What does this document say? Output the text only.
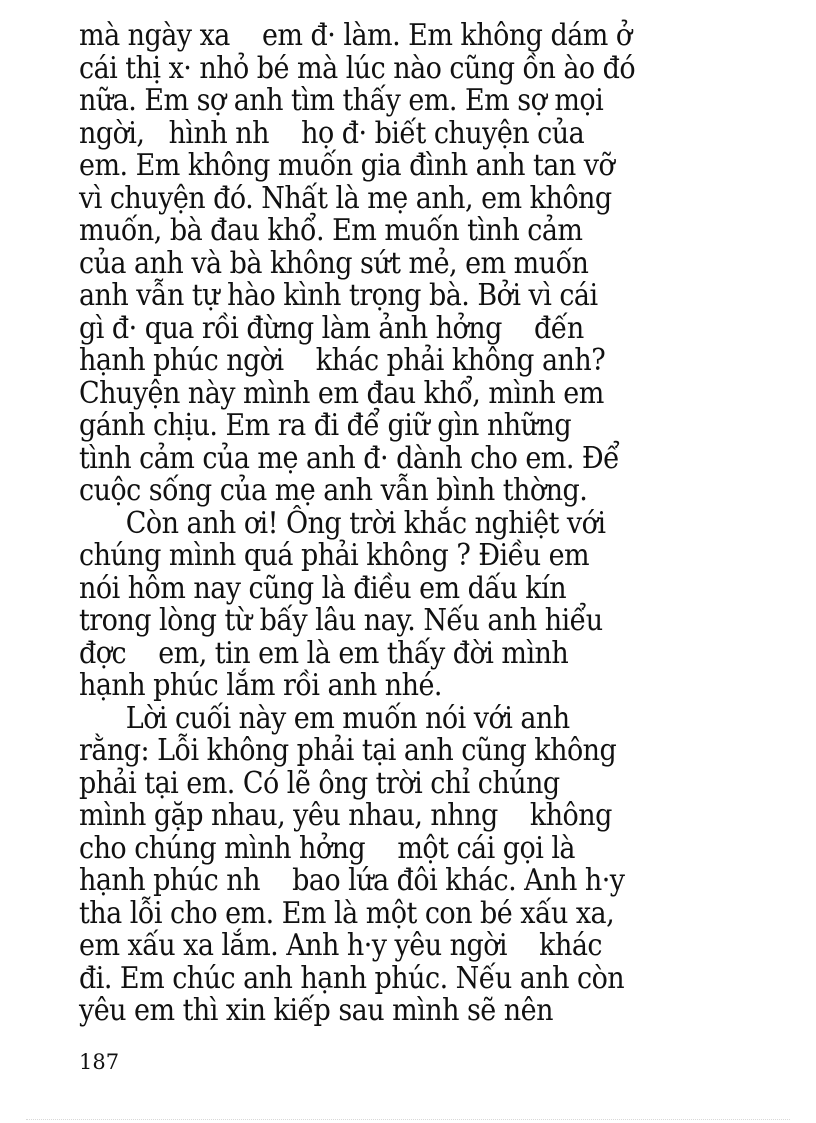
mà ngày xa    em đ· làm. Em không dám ở
cái thị x· nhỏ bé mà lúc nào cũng ồn ào đó
nữa. Em sợ anh tìm thấy em. Em sợ mọi
ngời,   hình nh    họ đ· biết chuyện của
em. Em không muốn gia đình anh tan vỡ
vì chuyện đó. Nhất là mẹ anh, em không
muốn, bà đau khổ. Em muốn tình cảm
của anh và bà không sứt mẻ, em muốn
anh vẫn tự hào kình trọng bà. Bởi vì cái
gì đ· qua rồi đừng làm ảnh hởng    đến
hạnh phúc ngời    khác phải không anh?
Chuyện này mình em đau khổ, mình em
gánh chịu. Em ra đi để giữ gìn những
tình cảm của mẹ anh đ· dành cho em. Để
cuộc sống của mẹ anh vẫn bình thờng.
Còn anh ơi! Ông trời khắc nghiệt với
chúng mình quá phải không ? Điều em
nói hôm nay cũng là điều em dấu kín
trong lòng từ bấy lâu nay. Nếu anh hiểu
đợc    em, tin em là em thấy đời mình
hạnh phúc lắm rồi anh nhé.
Lời cuối này em muốn nói với anh
rằng: Lỗi không phải tại anh cũng không
phải tại em. Có lẽ ông trời chỉ chúng
mình gặp nhau, yêu nhau, nhng    không
cho chúng mình hởng    một cái gọi là
hạnh phúc nh    bao lứa đôi khác. Anh h·y
tha lỗi cho em. Em là một con bé xấu xa,
em xấu xa lắm. Anh h·y yêu ngời    khác
đi. Em chúc anh hạnh phúc. Nếu anh còn
yêu em thì xin kiếp sau mình sẽ nên
187
